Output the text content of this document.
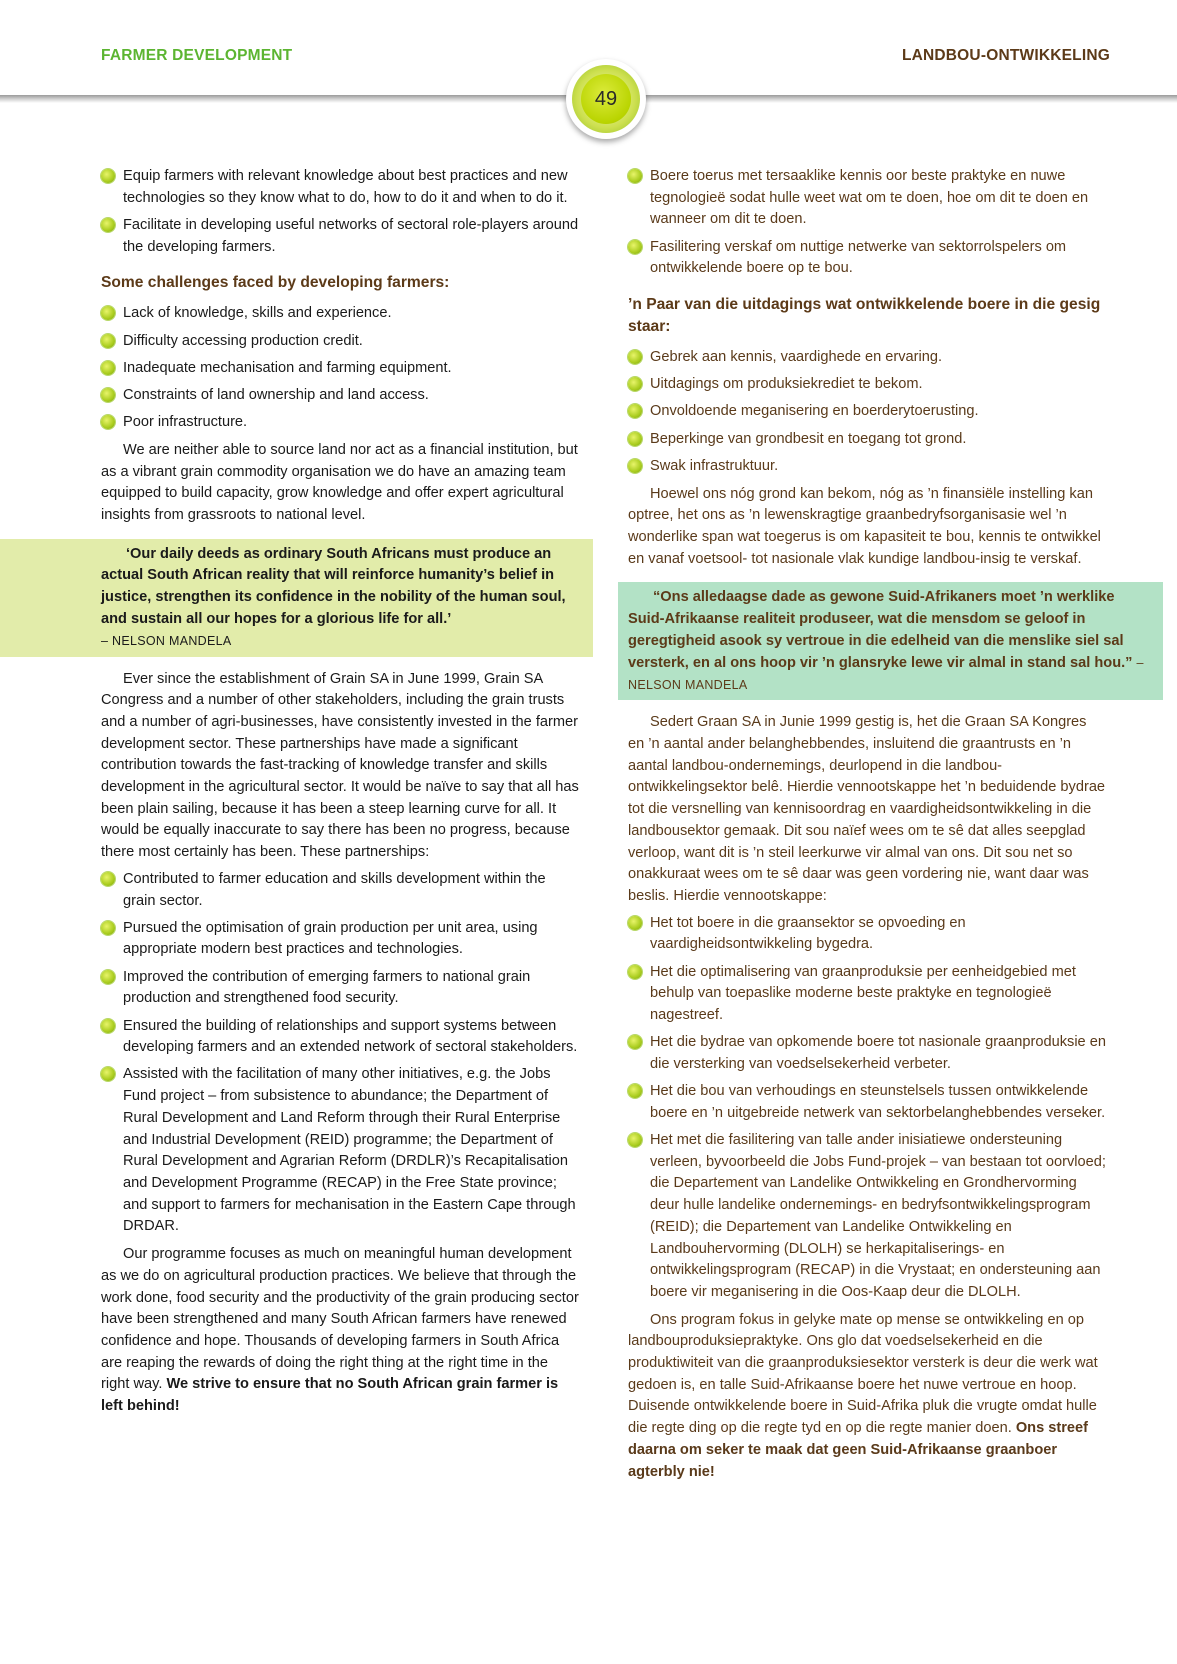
FARMER DEVELOPMENT	LANDBOU-ONTWIKKELING
49
Equip farmers with relevant knowledge about best practices and new technologies so they know what to do, how to do it and when to do it.
Facilitate in developing useful networks of sectoral role-players around the developing farmers.
Some challenges faced by developing farmers:
Lack of knowledge, skills and experience.
Difficulty accessing production credit.
Inadequate mechanisation and farming equipment.
Constraints of land ownership and land access.
Poor infrastructure.

We are neither able to source land nor act as a financial institution, but as a vibrant grain commodity organisation we do have an amazing team equipped to build capacity, grow knowledge and offer expert agricultural insights from grassroots to national level.

‘Our daily deeds as ordinary South Africans must produce an actual South African reality that will reinforce humanity’s belief in justice, strengthen its confidence in the nobility of the human soul, and sustain all our hopes for a glorious life for all.’
– NELSON MANDELA

Ever since the establishment of Grain SA in June 1999, Grain SA Congress and a number of other stakeholders, including the grain trusts and a number of agri-businesses, have consistently invested in the farmer development sector. These partnerships have made a significant contribution towards the fast-tracking of knowledge transfer and skills development in the agricultural sector. It would be naïve to say that all has been plain sailing, because it has been a steep learning curve for all. It would be equally inaccurate to say there has been no progress, because there most certainly has been. These partnerships:

Contributed to farmer education and skills development within the grain sector.
Pursued the optimisation of grain production per unit area, using appropriate modern best practices and technologies.
Improved the contribution of emerging farmers to national grain production and strengthened food security.
Ensured the building of relationships and support systems between developing farmers and an extended network of sectoral stakeholders.
Assisted with the facilitation of many other initiatives, e.g. the Jobs Fund project – from subsistence to abundance; the Department of Rural Development and Land Reform through their Rural Enterprise and Industrial Development (REID) programme; the Department of Rural Development and Agrarian Reform (DRDLR)’s Recapitalisation and Development Programme (RECAP) in the Free State province; and support to farmers for mechanisation in the Eastern Cape through DRDAR.

Our programme focuses as much on meaningful human development as we do on agricultural production practices. We believe that through the work done, food security and the productivity of the grain producing sector have been strengthened and many South African farmers have renewed confidence and hope. Thousands of developing farmers in South Africa are reaping the rewards of doing the right thing at the right time in the right way. We strive to ensure that no South African grain farmer is left behind!

Boere toerus met tersaaklike kennis oor beste praktyke en nuwe tegnologieë sodat hulle weet wat om te doen, hoe om dit te doen en wanneer om dit te doen.
Fasilitering verskaf om nuttige netwerke van sektorrolspelers om ontwikkelende boere op te bou.
’n Paar van die uitdagings wat ontwikkelende boere in die gesig staar:
Gebrek aan kennis, vaardighede en ervaring.
Uitdagings om produksiekrediet te bekom.
Onvoldoende meganisering en boerderytoerusting.
Beperkinge van grondbesit en toegang tot grond.
Swak infrastruktuur.

Hoewel ons nóg grond kan bekom, nóg as ’n finansiële instelling kan optree, het ons as ’n lewenskragtige graanbedryfsorganisasie wel ’n wonderlike span wat toegerus is om kapasiteit te bou, kennis te ontwikkel en vanaf voetsool- tot nasionale vlak kundige landbou-insig te verskaf.

“Ons alledaagse dade as gewone Suid-Afrikaners moet ’n werklike Suid-Afrikaanse realiteit produseer, wat die mensdom se geloof in geregtigheid asook sy vertroue in die edelheid van die menslike siel sal versterk, en al ons hoop vir ’n glansryke lewe vir almal in stand sal hou.” – NELSON MANDELA

Sedert Graan SA in Junie 1999 gestig is, het die Graan SA Kongres en ’n aantal ander belanghebbendes, insluitend die graantrusts en ’n aantal landbou-ondernemings, deurlopend in die landbou-ontwikkelingsektor belê. Hierdie vennootskappe het ’n beduidende bydrae tot die versnelling van kennisoordrag en vaardigheidsontwikkeling in die landbousektor gemaak. Dit sou naïef wees om te sê dat alles seepglad verloop, want dit is ’n steil leerkurwe vir almal van ons. Dit sou net so onakkuraat wees om te sê daar was geen vordering nie, want daar was beslis. Hierdie vennootskappe:

Het tot boere in die graansektor se opvoeding en vaardigheidsontwikkeling bygedra.
Het die optimalisering van graanproduksie per eenheidgebied met behulp van toepaslike moderne beste praktyke en tegnologieë nagestreef.
Het die bydrae van opkomende boere tot nasionale graanproduksie en die versterking van voedselsekerheid verbeter.
Het die bou van verhoudings en steunstelsels tussen ontwikkelende boere en ’n uitgebreide netwerk van sektorbelanghebbendes verseker.
Het met die fasilitering van talle ander inisiatiewe ondersteuning verleen, byvoorbeeld die Jobs Fund-projek – van bestaan tot oorvloed; die Departement van Landelike Ontwikkeling en Grondhervorming deur hulle landelike ondernemings- en bedryfsontwikkelingsprogram (REID); die Departement van Landelike Ontwikkeling en Landbouhervorming (DLOLH) se herkapitaliserings- en ontwikkelingsprogram (RECAP) in die Vrystaat; en ondersteuning aan boere vir meganisering in die Oos-Kaap deur die DLOLH.

Ons program fokus in gelyke mate op mense se ontwikkeling en op landbouproduksiepraktyke. Ons glo dat voedselsekerheid en die produktiwiteit van die graanproduksiesektor versterk is deur die werk wat gedoen is, en talle Suid-Afrikaanse boere het nuwe vertroue en hoop. Duisende ontwikkelende boere in Suid-Afrika pluk die vrugte omdat hulle die regte ding op die regte tyd en op die regte manier doen. Ons streef daarna om seker te maak dat geen Suid-Afrikaanse graanboer agterbly nie!
